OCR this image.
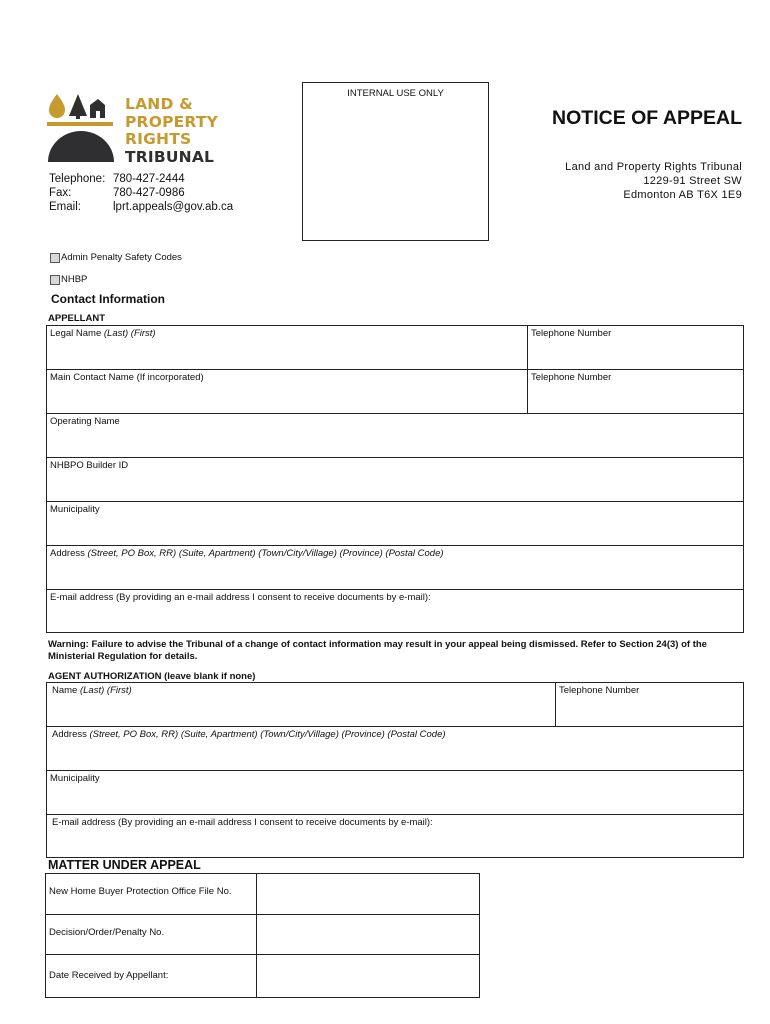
LAND &
PROPERTY
RIGHTS
TRIBUNAL
Telephone: 780-427-2444
Fax:	780-427-0986
Email:	lprt.appeals@gov.ab.ca
INTERNAL USE ONLY
NOTICE OF APPEAL
Land and Property Rights Tribunal
1229-91 Street SW
Edmonton AB T6X 1E9
Admin Penalty Safety Codes
NHBP
Contact Information
APPELLANT
Legal Name (Last) (First)	Telephone Number
Main Contact Name (If incorporated)	Telephone Number
Operating Name
NHBPO Builder ID
Municipality
Address (Street, PO Box, RR) (Suite, Apartment) (Town/City/Village) (Province) (Postal Code)
E-mail address (By providing an e-mail address I consent to receive documents by e-mail):
Warning: Failure to advise the Tribunal of a change of contact information may result in your appeal being dismissed. Refer to Section 24(3) of the Ministerial Regulation for details.
AGENT AUTHORIZATION (leave blank if none)
Name (Last) (First)	Telephone Number
Address (Street, PO Box, RR) (Suite, Apartment) (Town/City/Village) (Province) (Postal Code)
Municipality
E-mail address (By providing an e-mail address I consent to receive documents by e-mail):
MATTER UNDER APPEAL
New Home Buyer Protection Office File No.
Decision/Order/Penalty No.
Date Received by Appellant:
